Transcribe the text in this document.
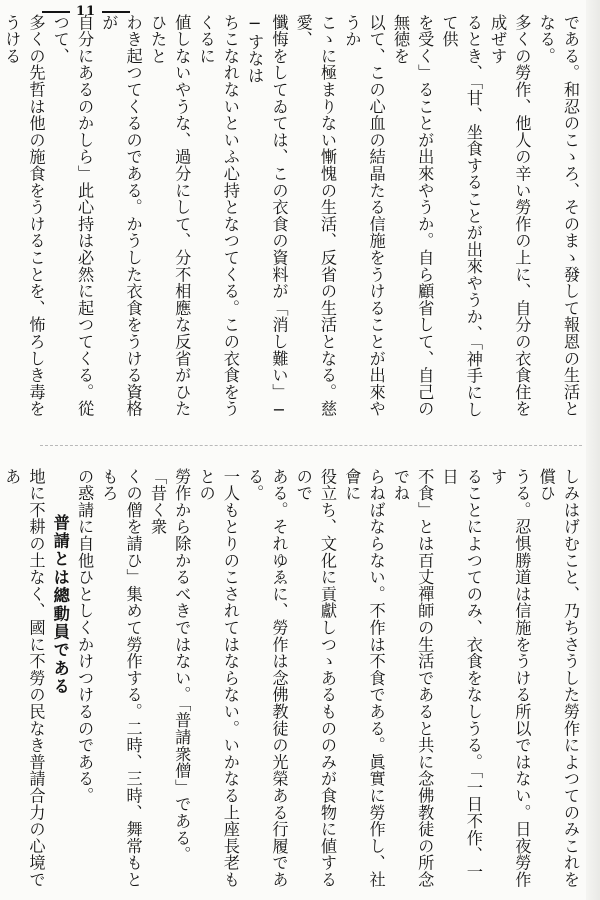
11

である。和忍のこゝろ、そのまゝ發して報恩の生活となる。

多くの勞作、他人の辛い勞作の上に、自分の衣食住を成ぜす

るとき、「甘、坐食することが出來やうか、「神手にして供

を受く」ることが出來やうか。自ら顧省して、自己の無徳を

以て、この心血の結晶たる信施をうけることが出來やうか

こゝに極まりない慚愧の生活、反省の生活となる。慈愛、

懺悔をしてゐては、この衣食の資料が「消し難い」──すなは

ちこなれないといふ心持となつてくる。この衣食をうくるに

値しないやうな、過分にして、分不相應な反省がひたひたと

わき起つてくるのである。かうした衣食をうける資格が

自分にあるのかしら」此心持は必然に起つてくる。從つて、

多くの先哲は他の施食をうけることを、怖ろしき毒をうける

しみはげむこと、乃ちさうした勞作によつてのみこれを償ひ

うる。忍惧勝道は信施をうける所以ではない。日夜勞作す

ることによつてのみ、衣食をなしうる。「一日不作、一日

不食」とは百丈禪師の生活であると共に念佛教徒の所念でね

らねばならない。不作は不食である。眞實に勞作し、社會に

役立ち、文化に貢獻しつゝあるもののみが食物に値するので

ある。それゆゑに、勞作は念佛教徒の光榮ある行履である。

一人もとりのこされてはならない。いかなる上座長老もとの

勞作から除かるべきではない。「普請衆僧」である。「昔く衆

くの僧を請ひ」集めて勞作する。二時、三時、舞常もともろ

の惑請に自他ひとしくかけつけるのである。

普請とは總動員である

地に不耕の土なく、國に不勞の民なき普請合力の心境であ
